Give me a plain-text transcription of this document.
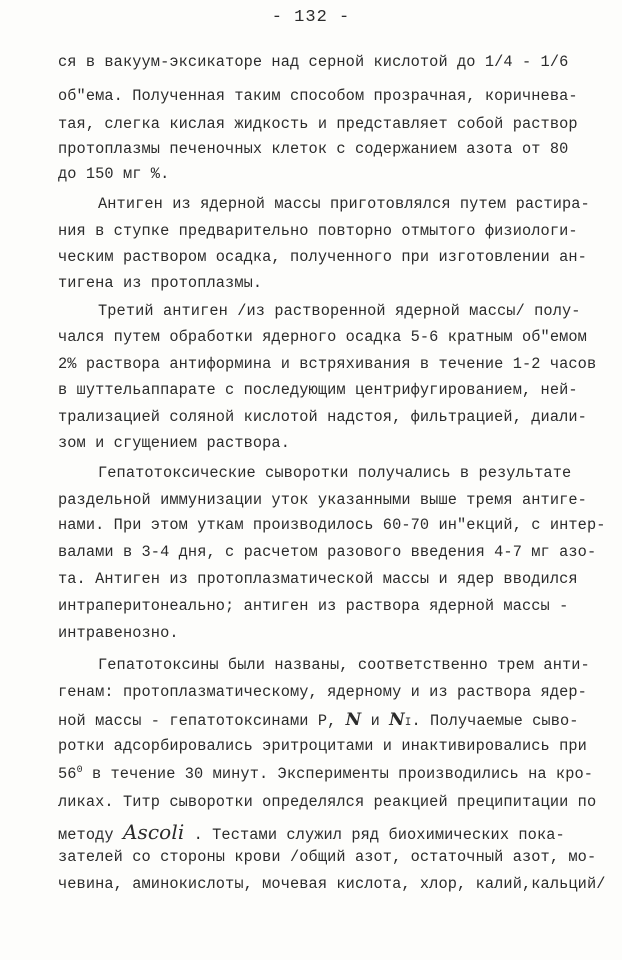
- 132 -
ся в вакуум-эксикаторе над серной кислотой до 1/4 - 1/6
об"ема. Полученная таким способом прозрачная, коричнева-
тая, слегка кислая жидкость и представляет собой раствор
протоплазмы печеночных клеток с содержанием азота от 80
до 150 мг %.
Антиген из ядерной массы приготовлялся путем растира-
ния в ступке предварительно повторно отмытого физиологи-
ческим раствором осадка, полученного при изготовлении ан-
тигена из протоплазмы.
Третий антиген /из растворенной ядерной массы/ полу-
чался путем обработки ядерного осадка 5-6 кратным об"емом
2% раствора антиформина и встряхивания в течение 1-2 часов
в шуттельаппарате с последующим центрифугированием, ней-
трализацией соляной кислотой надстоя, фильтрацией, диали-
зом и сгущением раствора.
Гепатотоксические сыворотки получались в результате
раздельной иммунизации уток указанными выше тремя антиге-
нами. При этом уткам производилось 60-70 ин"екций, с интер-
валами в 3-4 дня, с расчетом разового введения 4-7 мг азо-
та. Антиген из протоплазматической массы и ядер вводился
интраперитонеально; антиген из раствора ядерной массы -
интравенозно.
Гепатотоксины были названы, соответственно трем анти-
генам: протоплазматическому, ядерному и из раствора ядер-
ной массы - гепатотоксинами Р, N и NI. Получаемые сыво-
ротки адсорбировались эритроцитами и инактивировались при
$56^0$ в течение 30 минут. Эксперименты производились на кро-
ликах. Титр сыворотки определялся реакцией преципитации по
методу Ascoli . Тестами служил ряд биохимических пока-
зателей со стороны крови /общий азот, остаточный азот, мо-
чевина, аминокислоты, мочевая кислота, хлор, калий,кальций/
